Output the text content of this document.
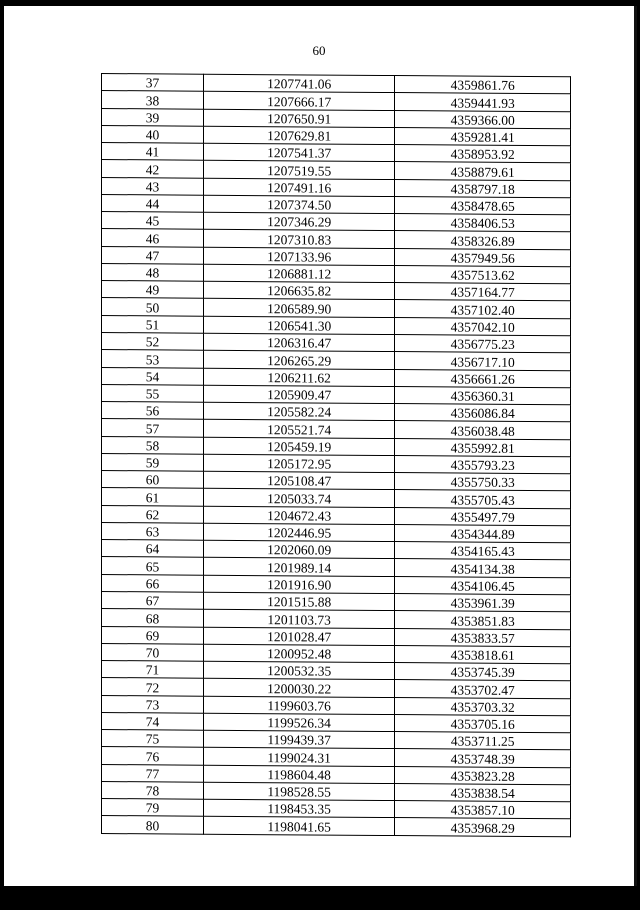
60
37	1207741.06	4359861.76
38	1207666.17	4359441.93
39	1207650.91	4359366.00
40	1207629.81	4359281.41
41	1207541.37	4358953.92
42	1207519.55	4358879.61
43	1207491.16	4358797.18
44	1207374.50	4358478.65
45	1207346.29	4358406.53
46	1207310.83	4358326.89
47	1207133.96	4357949.56
48	1206881.12	4357513.62
49	1206635.82	4357164.77
50	1206589.90	4357102.40
51	1206541.30	4357042.10
52	1206316.47	4356775.23
53	1206265.29	4356717.10
54	1206211.62	4356661.26
55	1205909.47	4356360.31
56	1205582.24	4356086.84
57	1205521.74	4356038.48
58	1205459.19	4355992.81
59	1205172.95	4355793.23
60	1205108.47	4355750.33
61	1205033.74	4355705.43
62	1204672.43	4355497.79
63	1202446.95	4354344.89
64	1202060.09	4354165.43
65	1201989.14	4354134.38
66	1201916.90	4354106.45
67	1201515.88	4353961.39
68	1201103.73	4353851.83
69	1201028.47	4353833.57
70	1200952.48	4353818.61
71	1200532.35	4353745.39
72	1200030.22	4353702.47
73	1199603.76	4353703.32
74	1199526.34	4353705.16
75	1199439.37	4353711.25
76	1199024.31	4353748.39
77	1198604.48	4353823.28
78	1198528.55	4353838.54
79	1198453.35	4353857.10
80	1198041.65	4353968.29
